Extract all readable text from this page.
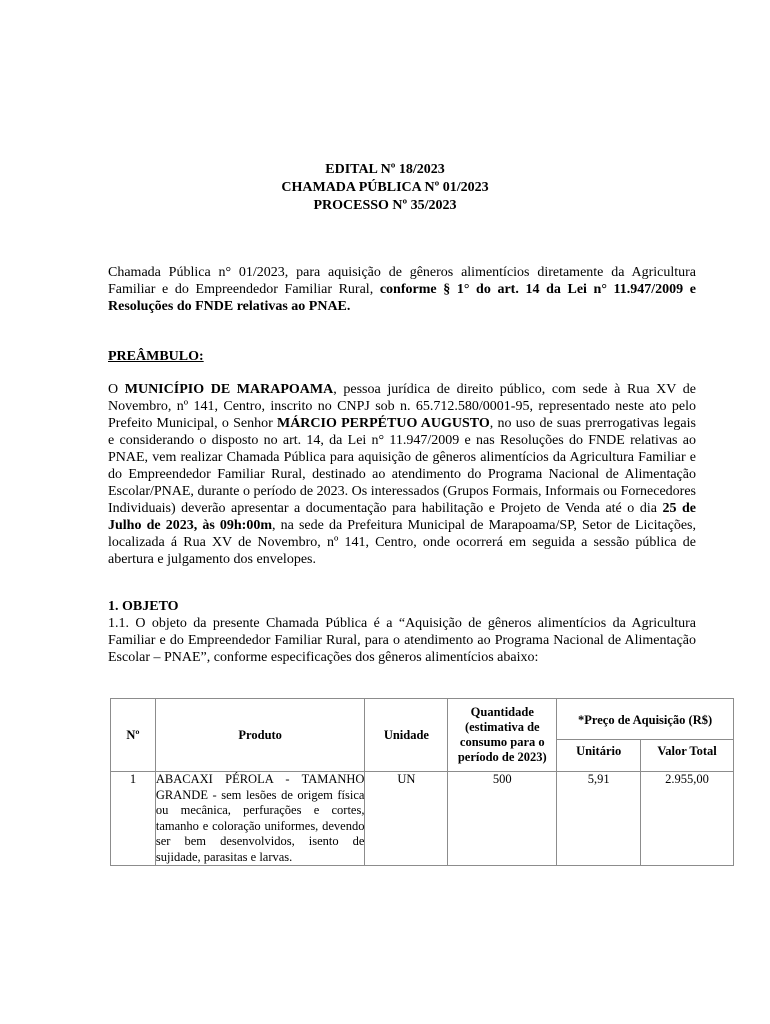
EDITAL Nº 18/2023
CHAMADA PÚBLICA Nº 01/2023
PROCESSO Nº 35/2023
Chamada Pública n° 01/2023, para aquisição de gêneros alimentícios diretamente da Agricultura Familiar e do Empreendedor Familiar Rural, conforme § 1° do art. 14 da Lei n° 11.947/2009 e Resoluções do FNDE relativas ao PNAE.
PREÂMBULO:
O MUNICÍPIO DE MARAPOAMA, pessoa jurídica de direito público, com sede à Rua XV de Novembro, nº 141, Centro, inscrito no CNPJ sob n. 65.712.580/0001-95, representado neste ato pelo Prefeito Municipal, o Senhor MÁRCIO PERPÉTUO AUGUSTO, no uso de suas prerrogativas legais e considerando o disposto no art. 14, da Lei n° 11.947/2009 e nas Resoluções do FNDE relativas ao PNAE, vem realizar Chamada Pública para aquisição de gêneros alimentícios da Agricultura Familiar e do Empreendedor Familiar Rural, destinado ao atendimento do Programa Nacional de Alimentação Escolar/PNAE, durante o período de 2023. Os interessados (Grupos Formais, Informais ou Fornecedores Individuais) deverão apresentar a documentação para habilitação e Projeto de Venda até o dia 25 de Julho de 2023, às 09h:00m, na sede da Prefeitura Municipal de Marapoama/SP, Setor de Licitações, localizada á Rua XV de Novembro, nº 141, Centro, onde ocorrerá em seguida a sessão pública de abertura e julgamento dos envelopes.
1. OBJETO
1.1. O objeto da presente Chamada Pública é a “Aquisição de gêneros alimentícios da Agricultura Familiar e do Empreendedor Familiar Rural, para o atendimento ao Programa Nacional de Alimentação Escolar – PNAE”, conforme especificações dos gêneros alimentícios abaixo:
Nº	Produto	Unidade	Quantidade (estimativa de consumo para o período de 2023)	*Preço de Aquisição (R$)	
				Unitário	Valor Total
1	ABACAXI PÉROLA - TAMANHO GRANDE - sem lesões de origem física ou mecânica, perfurações e cortes, tamanho e coloração uniformes, devendo ser bem desenvolvidos, isento de sujidade, parasitas e larvas.	UN	500	5,91	2.955,00
